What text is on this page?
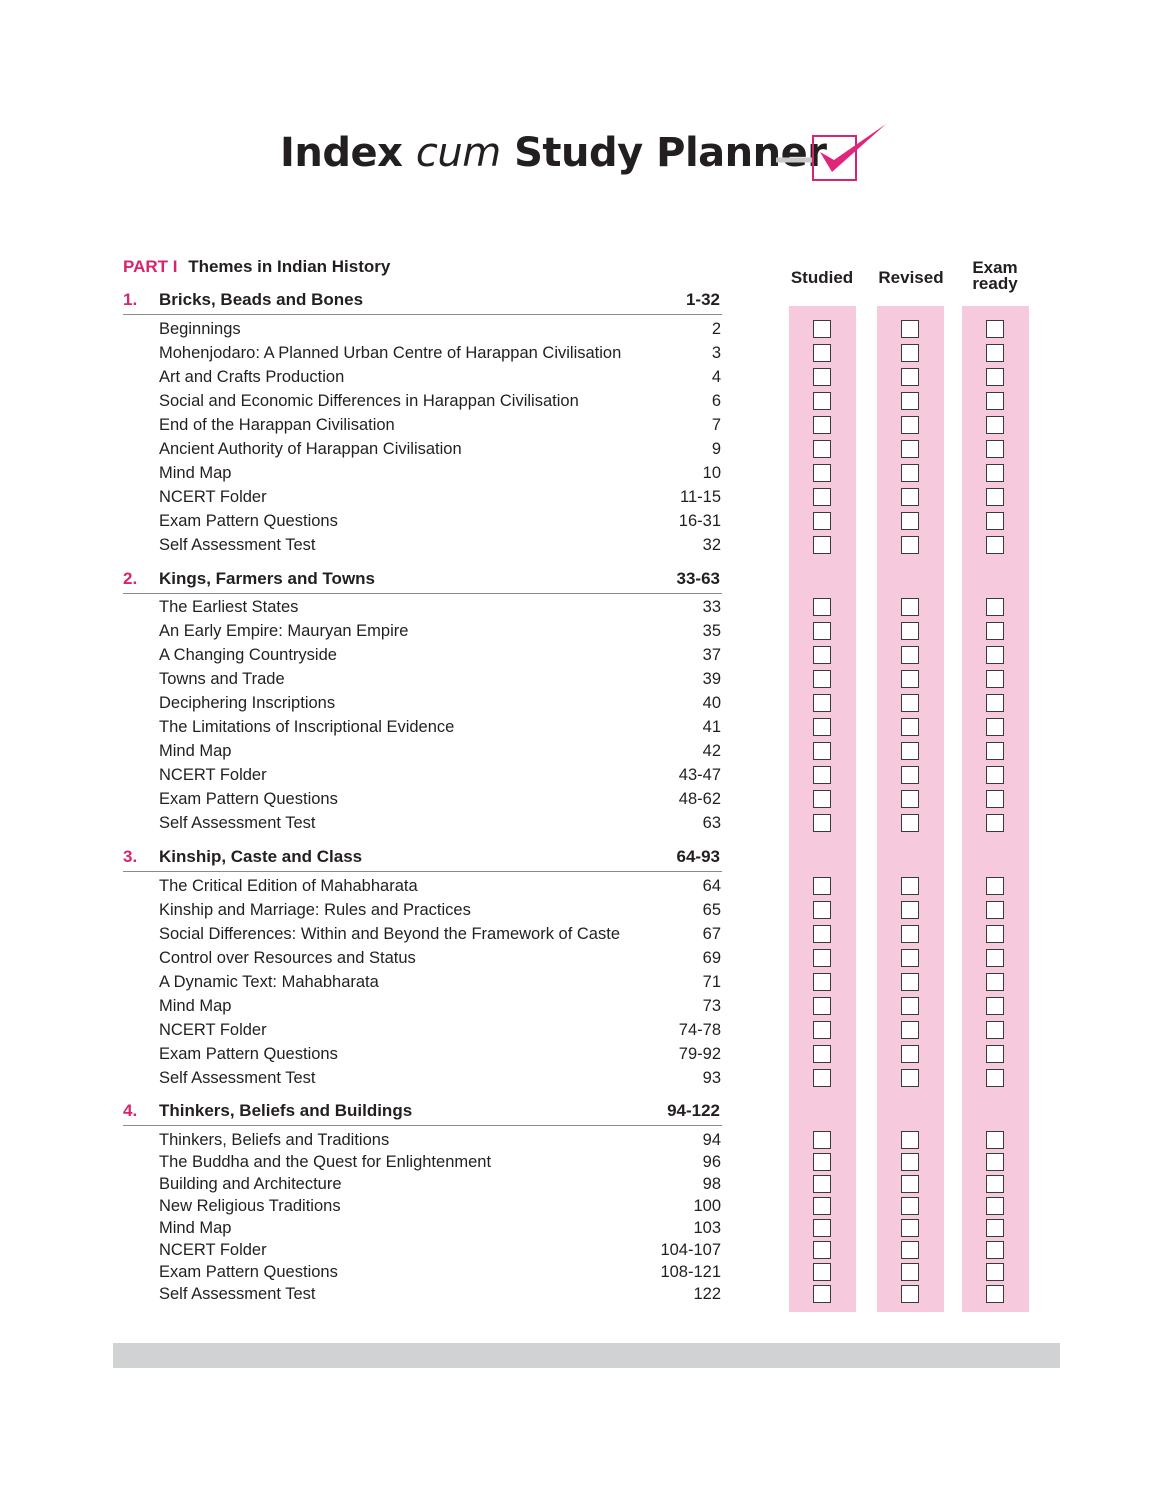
Index cum Study Planner
PART I Themes in Indian History
Studied	Revised
Exam
ready
1. Bricks, Beads and Bones	1-32
Beginnings	2
Mohenjodaro: A Planned Urban Centre of Harappan Civilisation	3
Art and Crafts Production	4
Social and Economic Differences in Harappan Civilisation	6
End of the Harappan Civilisation	7
Ancient Authority of Harappan Civilisation	9
Mind Map	10
NCERT Folder	11-15
Exam Pattern Questions	16-31
Self Assessment Test	32
2. Kings, Farmers and Towns	33-63
The Earliest States	33
An Early Empire: Mauryan Empire	35
A Changing Countryside	37
Towns and Trade	39
Deciphering Inscriptions	40
The Limitations of Inscriptional Evidence	41
Mind Map	42
NCERT Folder	43-47
Exam Pattern Questions	48-62
Self Assessment Test	63
3. Kinship, Caste and Class	64-93
The Critical Edition of Mahabharata	64
Kinship and Marriage: Rules and Practices	65
Social Differences: Within and Beyond the Framework of Caste	67
Control over Resources and Status	69
A Dynamic Text: Mahabharata	71
Mind Map	73
NCERT Folder	74-78
Exam Pattern Questions	79-92
Self Assessment Test	93
4. Thinkers, Beliefs and Buildings	94-122
Thinkers, Beliefs and Traditions	94
The Buddha and the Quest for Enlightenment	96
Building and Architecture	98
New Religious Traditions	100
Mind Map	103
NCERT Folder	104-107
Exam Pattern Questions	108-121
Self Assessment Test	122
